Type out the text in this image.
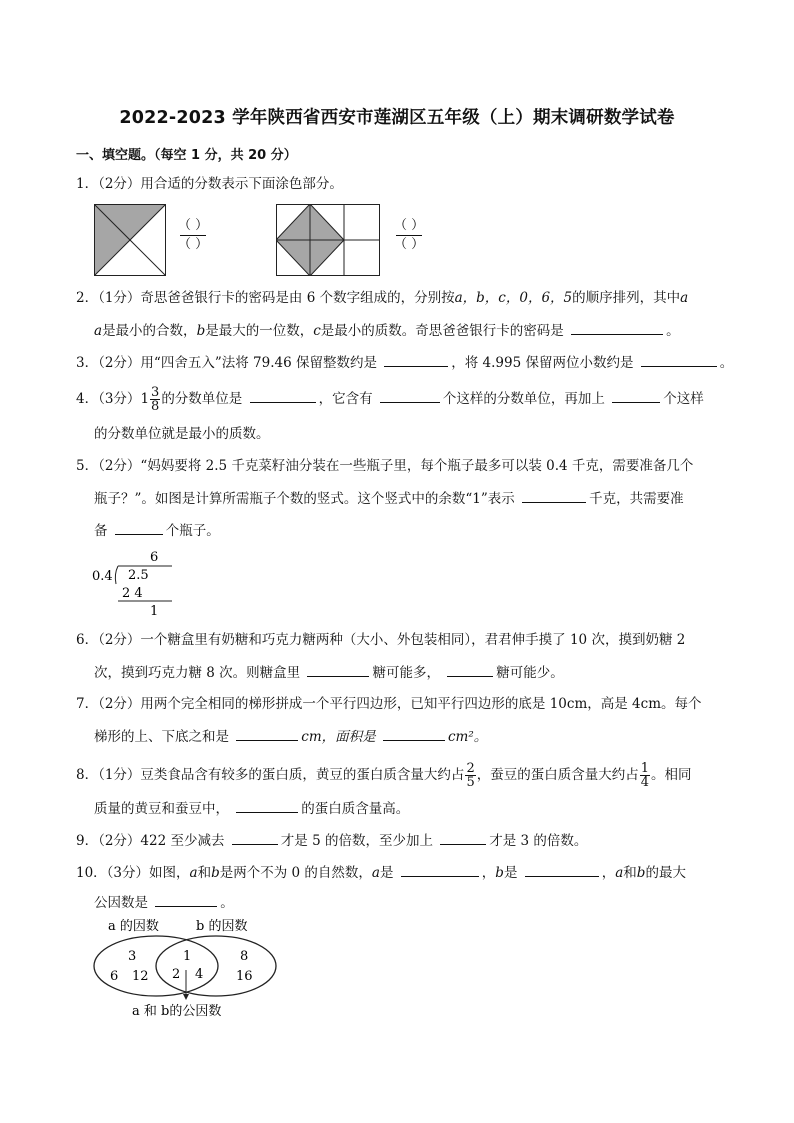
2022-2023 学年陕西省西安市莲湖区五年级（上）期末调研数学试卷
一、填空题。（每空 1 分，共 20 分）
1．（2分）用合适的分数表示下面涂色部分。
（ ）
（ ）
（ ）
（ ）
2．（1分）奇思爸爸银行卡的密码是由 6 个数字组成的，分别按a，b，c，0，6，5的顺序排列，其中a
a是最小的合数，b是最大的一位数，c是最小的质数。奇思爸爸银行卡的密码是	。
3．（2分）用“四舍五入”法将 79.46 保留整数约是	，将 4.995 保留两位小数约是	。
4．（3分）$1 \frac{3}{8}$ 的分数单位是	，它含有	个这样的分数单位，再加上	个这样
的分数单位就是最小的质数。
5．（2分）“妈妈要将 2.5 千克菜籽油分装在一些瓶子里，每个瓶子最多可以装 0.4 千克，需要准备几个
瓶子？”。如图是计算所需瓶子个数的竖式。这个竖式中的余数“1”表示	千克，共需要准
备	个瓶子。
6
0.4 2.5
2 4
1
6．（2分）一个糖盒里有奶糖和巧克力糖两种（大小、外包装相同），君君伸手摸了 10 次，摸到奶糖 2
次，摸到巧克力糖 8 次。则糖盒里	糖可能多，	糖可能少。
7．（2分）用两个完全相同的梯形拼成一个平行四边形，已知平行四边形的底是 10cm，高是 4cm。每个
梯形的上、下底之和是	cm，面积是	cm²。
8．（1分）豆类食品含有较多的蛋白质，黄豆的蛋白质含量大约占 $\frac{2}{5}$ ，蚕豆的蛋白质含量大约占 $\frac{1}{4}$ 。相同
质量的黄豆和蚕豆中，	的蛋白质含量高。
9．（2分）422 至少减去	才是 5 的倍数，至少加上	才是 3 的倍数。
10．（3分）如图，a和b是两个不为 0 的自然数，a是	，b是	，a和b的最大
公因数是	。
a 的因数	b 的因数
3
6 12
1
2 4
8
16
a 和 b的公因数
